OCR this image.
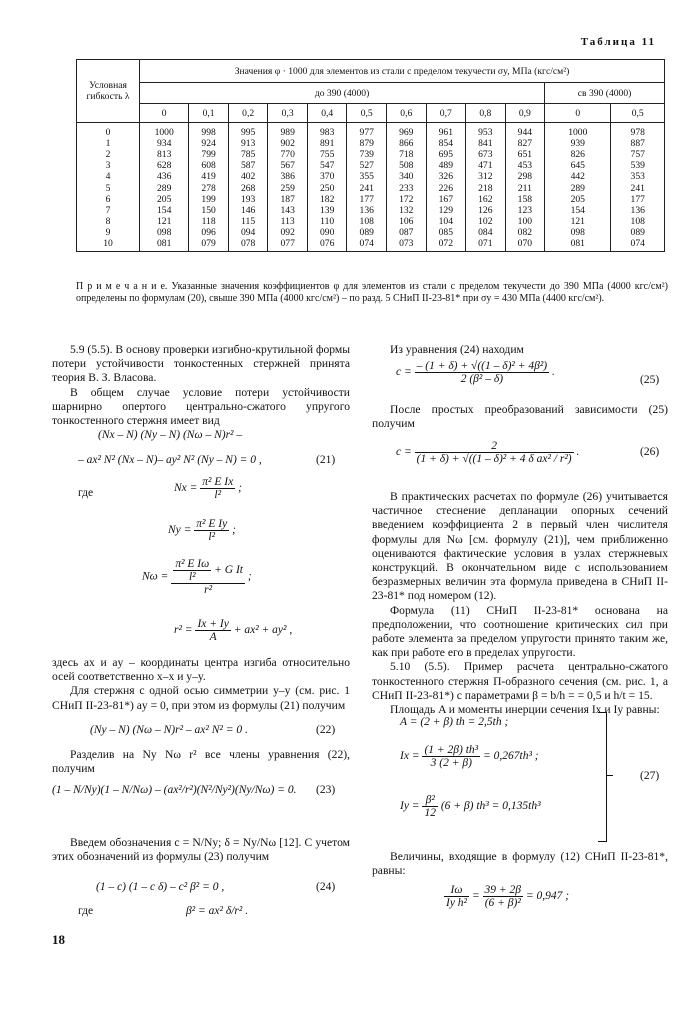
Таблица 11
Условная гибкость λ	Значения φ · 1000 для элементов из стали с пределом текучести σy, МПа (кгс/см²)											
	до 390 (4000)										св 390 (4000)	
	0	0,1	0,2	0,3	0,4	0,5	0,6	0,7	0,8	0,9	0	0,5
0	1000	998	995	989	983	977	969	961	953	944	1000	978
1	934	924	913	902	891	879	866	854	841	827	939	887
2	813	799	785	770	755	739	718	695	673	651	826	757
3	628	608	587	567	547	527	508	489	471	453	645	539
4	436	419	402	386	370	355	340	326	312	298	442	353
5	289	278	268	259	250	241	233	226	218	211	289	241
6	205	199	193	187	182	177	172	167	162	158	205	177
7	154	150	146	143	139	136	132	129	126	123	154	136
8	121	118	115	113	110	108	106	104	102	100	121	108
9	098	096	094	092	090	089	087	085	084	082	098	089
10	081	079	078	077	076	074	073	072	071	070	081	074
П р и м е ч а н и е. Указанные значения коэффициентов φ для элементов из стали с пределом текучести до 390 МПа (4000 кгс/см²) определены по формулам (20), свыше 390 МПа (4000 кгс/см²) – по разд. 5 СНиП II-23-81* при σy = 430 МПа (4400 кгс/см²).

5.9 (5.5). В основу проверки изгибно-крутильной формы потери устойчивости тонкостенных стержней принята теория В. З. Власова.

В общем случае условие потери устойчивости шарнирно опертого центрально-сжатого упругого тонкостенного стержня имеет вид

(Nx – N) (Ny – N) (Nω – N)r² –
– ax² N² (Nx – N)– ay² N² (Ny – N) = 0 ,	(21)
где	$Nx = \frac{\text{π² E Ix}}{\text{l²}}$ ;
$Ny = \frac{\text{π² E Iy}}{\text{l²}}$ ;
$N\omega = \frac{\frac{\text{π² E Iω}}{\text{l²}} + G It}{\text{r²}}$ ;
$r^2 = \frac{Ix + Iy}{A} + ax^2 + ay^2$ ,

здесь ax и ay – координаты центра изгиба относительно осей соответственно x–x и y–y.

Для стержня с одной осью симметрии y–y (см. рис. 1 СНиП II-23-81*) ay = 0, при этом из формулы (21) получим

(Ny – N) (Nω – N)r² – ax² N² = 0 .	(22)

Разделив на Ny Nω r² все члены уравнения (22), получим

(1 – N/Ny)(1 – N/Nω) – (ax²/r²)(N²/Ny²)(Ny/Nω) = 0. (23)

Введем обозначения c = N/Ny; δ = Ny/Nω [12]. С учетом этих обозначений из формулы (23) получим

(1 – c) (1 – c δ) – c² β² = 0 ,	(24)
где	β² = ax² δ/r² .
18

Из уравнения (24) находим

$c = \frac{\text{– (1 + δ) + √((1 – δ)² + 4β²)}}{\text{2 (β² – δ)}}$ .
(25)

После простых преобразований зависимости (25) получим

$c = \frac{2}{\text{(1 + δ) + √((1 – δ)² + 4 δ ax² / r²)}}$ .	(26)

В практических расчетах по формуле (26) учитывается частичное стеснение депланации опорных сечений введением коэффициента 2 в первый член числителя формулы для Nω [см. формулу (21)], чем приближенно оцениваются фактические условия в узлах стержневых конструкций. В окончательном виде с использованием безразмерных величин эта формула приведена в СНиП II-23-81* под номером (12).

Формула (11) СНиП II-23-81* основана на предположении, что соотношение критических сил при работе элемента за пределом упругости принято таким же, как при работе его в пределах упругости.

5.10 (5.5). Пример расчета центрально-сжатого тонкостенного стержня П-образного сечения (см. рис. 1, а СНиП II-23-81*) с параметрами β = b/h = = 0,5 и h/t = 15.

Площадь A и моменты инерции сечения Ix и Iy равны:

A = (2 + β) th = 2,5th ;
$Ix = \frac{\text{(1 + 2β) th³}}{3 (2 + \beta)} = 0,267th^3$ ;
$Iy = \frac{\text{β²}}{12} (6 + \beta) th^3 = 0,135th^3$
(27)

Величины, входящие в формулу (12) СНиП II-23-81*, равны:

$\frac{I\omega}{\text{Iy h²}} = \frac{39 + 2\beta}{\text{(6 + β)²}} = 0,947$ ;
